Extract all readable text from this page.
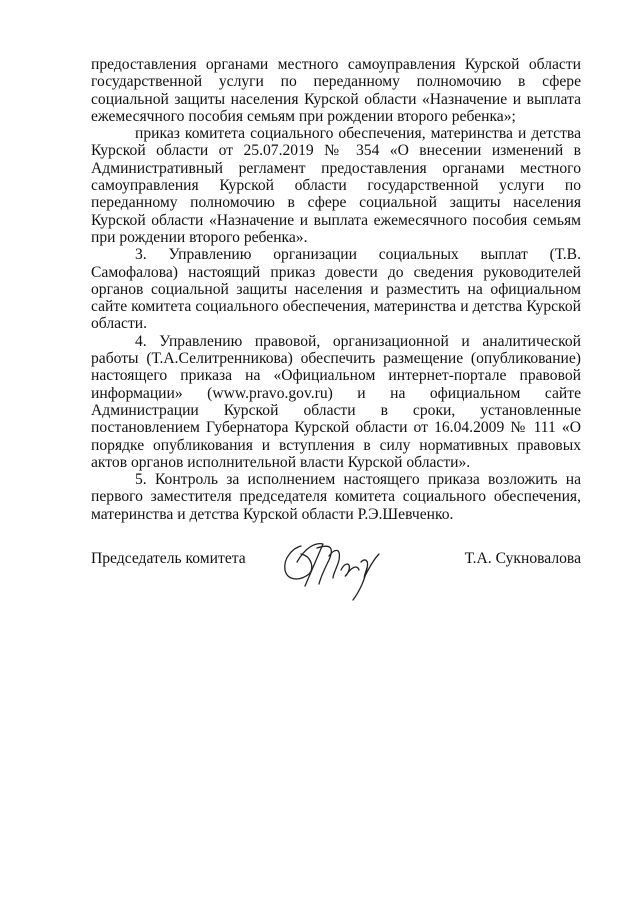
предоставления органами местного самоуправления Курской области государственной услуги по переданному полномочию в сфере социальной защиты населения Курской области «Назначение и выплата ежемесячного пособия семьям при рождении второго ребенка»;

приказ комитета социального обеспечения, материнства и детства Курской области от 25.07.2019 № 354 «О внесении изменений в Административный регламент предоставления органами местного самоуправления Курской области государственной услуги по переданному полномочию в сфере социальной защиты населения Курской области «Назначение и выплата ежемесячного пособия семьям при рождении второго ребенка».

3. Управлению организации социальных выплат (Т.В. Самофалова) настоящий приказ довести до сведения руководителей органов социальной защиты населения и разместить на официальном сайте комитета социального обеспечения, материнства и детства Курской области.

4. Управлению правовой, организационной и аналитической работы (Т.А.Селитренникова) обеспечить размещение (опубликование) настоящего приказа на «Официальном интернет-портале правовой информации» (www.pravo.gov.ru) и на официальном сайте Администрации Курской области в сроки, установленные постановлением Губернатора Курской области от 16.04.2009 № 111 «О порядке опубликования и вступления в силу нормативных правовых актов органов исполнительной власти Курской области».

5. Контроль за исполнением настоящего приказа возложить на первого заместителя председателя комитета социального обеспечения, материнства и детства Курской области Р.Э.Шевченко.

Председатель комитета	Т.А. Сукновалова
